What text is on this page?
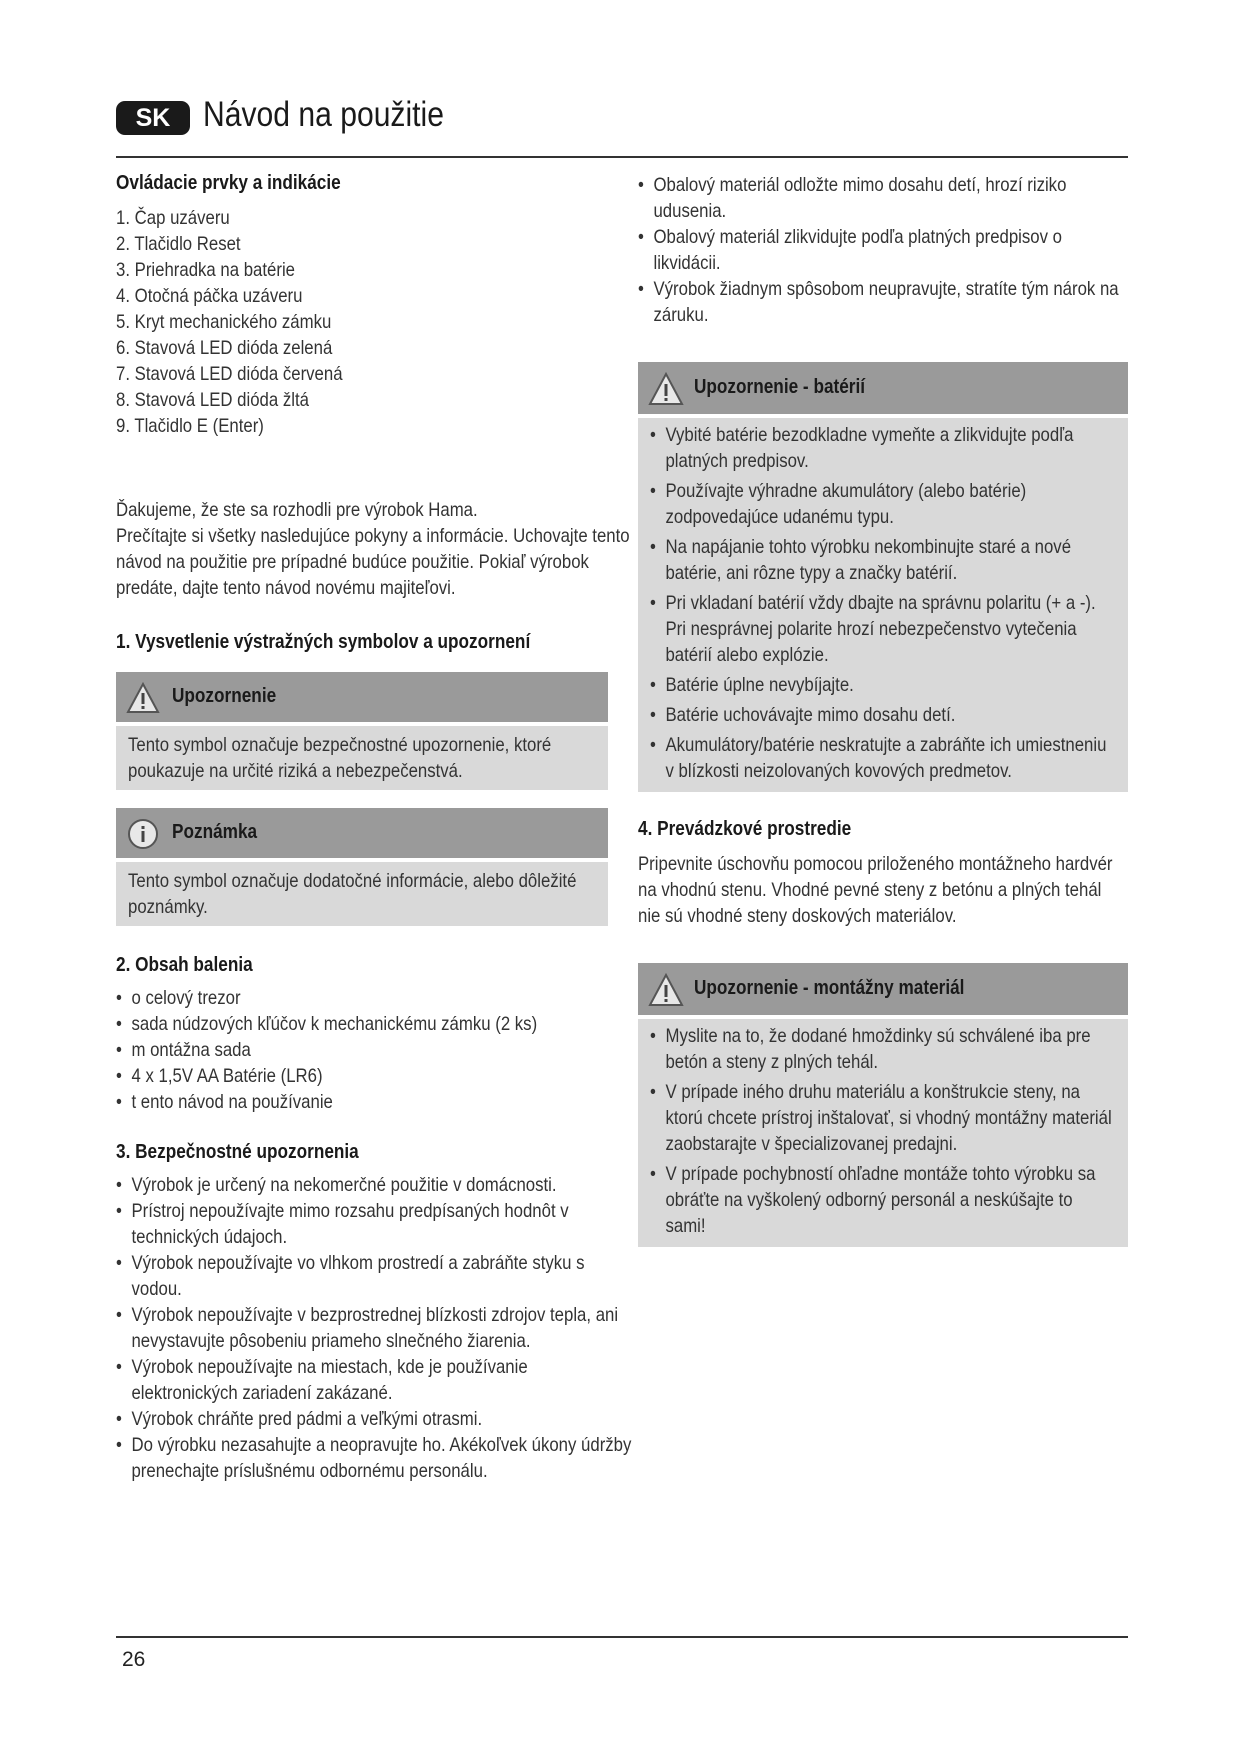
SK Návod na použitie

Ovládacie prvky a indikácie

1. Čap uzáveru
2. Tlačidlo Reset
3. Priehradka na batérie
4. Otočná páčka uzáveru
5. Kryt mechanického zámku
6. Stavová LED dióda zelená
7. Stavová LED dióda červená
8. Stavová LED dióda žltá
9. Tlačidlo E (Enter)

Ďakujeme, že ste sa rozhodli pre výrobok Hama.

Prečítajte si všetky nasledujúce pokyny a informácie. Uchovajte tento návod na použitie pre prípadné budúce použitie. Pokiaľ výrobok predáte, dajte tento návod novému majiteľovi.

1. Vysvetlenie výstražných symbolov a upozornení

Upozornenie

Tento symbol označuje bezpečnostné upozornenie, ktoré poukazuje na určité riziká a nebezpečenstvá.

Poznámka

Tento symbol označuje dodatočné informácie, alebo dôležité poznámky.

2. Obsah balenia

• o celový trezor
• sada núdzových kľúčov k mechanickému zámku (2 ks)
• m ontážna sada
• 4 x 1,5V AA Batérie (LR6)
• t ento návod na používanie

3. Bezpečnostné upozornenia

• Výrobok je určený na nekomerčné použitie v domácnosti.
• Prístroj nepoužívajte mimo rozsahu predpísaných hodnôt v technických údajoch.
• Výrobok nepoužívajte vo vlhkom prostredí a zabráňte styku s vodou.
• Výrobok nepoužívajte v bezprostrednej blízkosti zdrojov tepla, ani nevystavujte pôsobeniu priameho slnečného žiarenia.
• Výrobok nepoužívajte na miestach, kde je používanie elektronických zariadení zakázané.
• Výrobok chráňte pred pádmi a veľkými otrasmi.
• Do výrobku nezasahujte a neopravujte ho. Akékoľvek úkony údržby prenechajte príslušnému odbornému personálu.
• Obalový materiál odložte mimo dosahu detí, hrozí riziko udusenia.
• Obalový materiál zlikvidujte podľa platných predpisov o likvidácii.
• Výrobok žiadnym spôsobom neupravujte, stratíte tým nárok na záruku.
Upozornenie - batérií
• Vybité batérie bezodkladne vymeňte a zlikvidujte podľa platných predpisov.
• Používajte výhradne akumulátory (alebo batérie) zodpovedajúce udanému typu.
• Na napájanie tohto výrobku nekombinujte staré a nové batérie, ani rôzne typy a značky batérií.
• Pri vkladaní batérií vždy dbajte na správnu polaritu (+ a -). Pri nesprávnej polarite hrozí nebezpečenstvo vytečenia batérií alebo explózie.
• Batérie úplne nevybíjajte.
• Batérie uchovávajte mimo dosahu detí.
• Akumulátory/batérie neskratujte a zabráňte ich umiestneniu v blízkosti neizolovaných kovových predmetov.

4. Prevádzkové prostredie

Pripevnite úschovňu pomocou priloženého montážneho hardvér na vhodnú stenu. Vhodné pevné steny z betónu a plných tehál nie sú vhodné steny doskových materiálov.

Upozornenie - montážny materiál
• Myslite na to, že dodané hmoždinky sú schválené iba pre betón a steny z plných tehál.
• V prípade iného druhu materiálu a konštrukcie steny, na ktorú chcete prístroj inštalovať, si vhodný montážny materiál zaobstarajte v špecializovanej predajni.
• V prípade pochybností ohľadne montáže tohto výrobku sa obráťte na vyškolený odborný personál a neskúšajte to sami!
26
